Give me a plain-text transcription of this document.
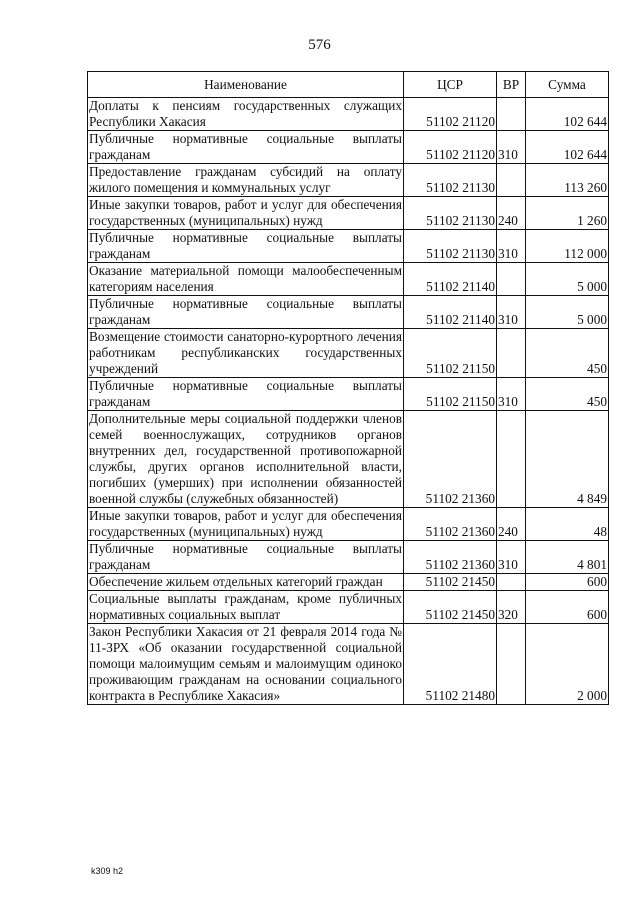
576
Наименование	ЦСР	ВР	Сумма
Доплаты к пенсиям государственных служащих Республики Хакасия	51102 21120		102 644
Публичные нормативные социальные выплаты гражданам	51102 21120	310	102 644
Предоставление гражданам субсидий на оплату жилого помещения и коммунальных услуг	51102 21130		113 260
Иные закупки товаров, работ и услуг для обеспечения государственных (муниципальных) нужд	51102 21130	240	1 260
Публичные нормативные социальные выплаты гражданам	51102 21130	310	112 000
Оказание материальной помощи малообеспеченным категориям населения	51102 21140		5 000
Публичные нормативные социальные выплаты гражданам	51102 21140	310	5 000
Возмещение стоимости санаторно-курортного лечения работникам республиканских государственных учреждений	51102 21150		450
Публичные нормативные социальные выплаты гражданам	51102 21150	310	450
Дополнительные меры социальной поддержки членов семей военнослужащих, сотрудников органов внутренних дел, государственной противопожарной службы, других органов исполнительной власти, погибших (умерших) при исполнении обязанностей военной службы (служебных обязанностей)	51102 21360		4 849
Иные закупки товаров, работ и услуг для обеспечения государственных (муниципальных) нужд	51102 21360	240	48
Публичные нормативные социальные выплаты гражданам	51102 21360	310	4 801
Обеспечение жильем отдельных категорий граждан	51102 21450		600
Социальные выплаты гражданам, кроме публичных нормативных социальных выплат	51102 21450	320	600
Закон Республики Хакасия от 21 февраля 2014 года № 11-ЗРХ «Об оказании государственной социальной помощи малоимущим семьям и малоимущим одиноко проживающим гражданам на основании социального контракта в Республике Хакасия»	51102 21480		2 000
k309 h2
